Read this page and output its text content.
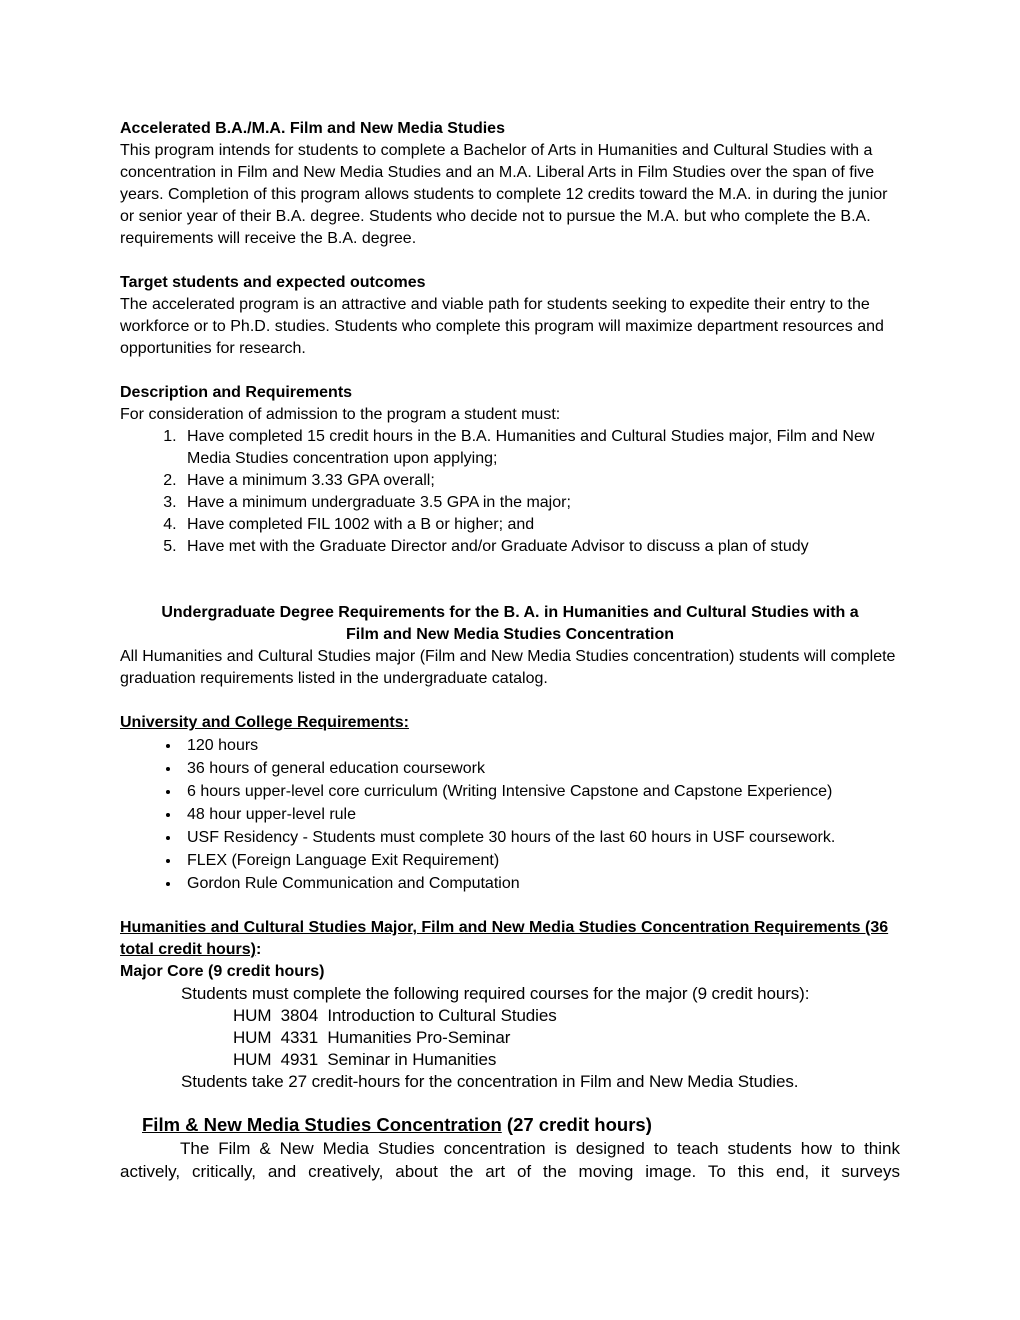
Accelerated B.A./M.A. Film and New Media Studies

This program intends for students to complete a Bachelor of Arts in Humanities and Cultural Studies with a concentration in Film and New Media Studies and an M.A. Liberal Arts in Film Studies over the span of five years. Completion of this program allows students to complete 12 credits toward the M.A. in during the junior or senior year of their B.A. degree. Students who decide not to pursue the M.A. but who complete the B.A. requirements will receive the B.A. degree.

Target students and expected outcomes

The accelerated program is an attractive and viable path for students seeking to expedite their entry to the workforce or to Ph.D. studies. Students who complete this program will maximize department resources and opportunities for research.

Description and Requirements

For consideration of admission to the program a student must:

1. Have completed 15 credit hours in the B.A. Humanities and Cultural Studies major, Film and New Media Studies concentration upon applying;
2. Have a minimum 3.33 GPA overall;
3. Have a minimum undergraduate 3.5 GPA in the major;
4. Have completed FIL 1002 with a B or higher; and
5. Have met with the Graduate Director and/or Graduate Advisor to discuss a plan of study
Undergraduate Degree Requirements for the B. A. in Humanities and Cultural Studies with a
Film and New Media Studies Concentration

All Humanities and Cultural Studies major (Film and New Media Studies concentration) students will complete graduation requirements listed in the undergraduate catalog.

University and College Requirements:
• 120 hours
• 36 hours of general education coursework
• 6 hours upper-level core curriculum (Writing Intensive Capstone and Capstone Experience)
• 48 hour upper-level rule
• USF Residency - Students must complete 30 hours of the last 60 hours in USF coursework.
• FLEX (Foreign Language Exit Requirement)
• Gordon Rule Communication and Computation
Humanities and Cultural Studies Major, Film and New Media Studies Concentration Requirements (36 total credit hours):
Major Core (9 credit hours)

Students must complete the following required courses for the major (9 credit hours):

HUM  3804  Introduction to Cultural Studies

HUM  4331  Humanities Pro-Seminar

HUM  4931  Seminar in Humanities

Students take 27 credit-hours for the concentration in Film and New Media Studies.

Film & New Media Studies Concentration (27 credit hours)

The Film & New Media Studies concentration is designed to teach students how to think actively, critically, and creatively, about the art of the moving image. To this end, it surveys
